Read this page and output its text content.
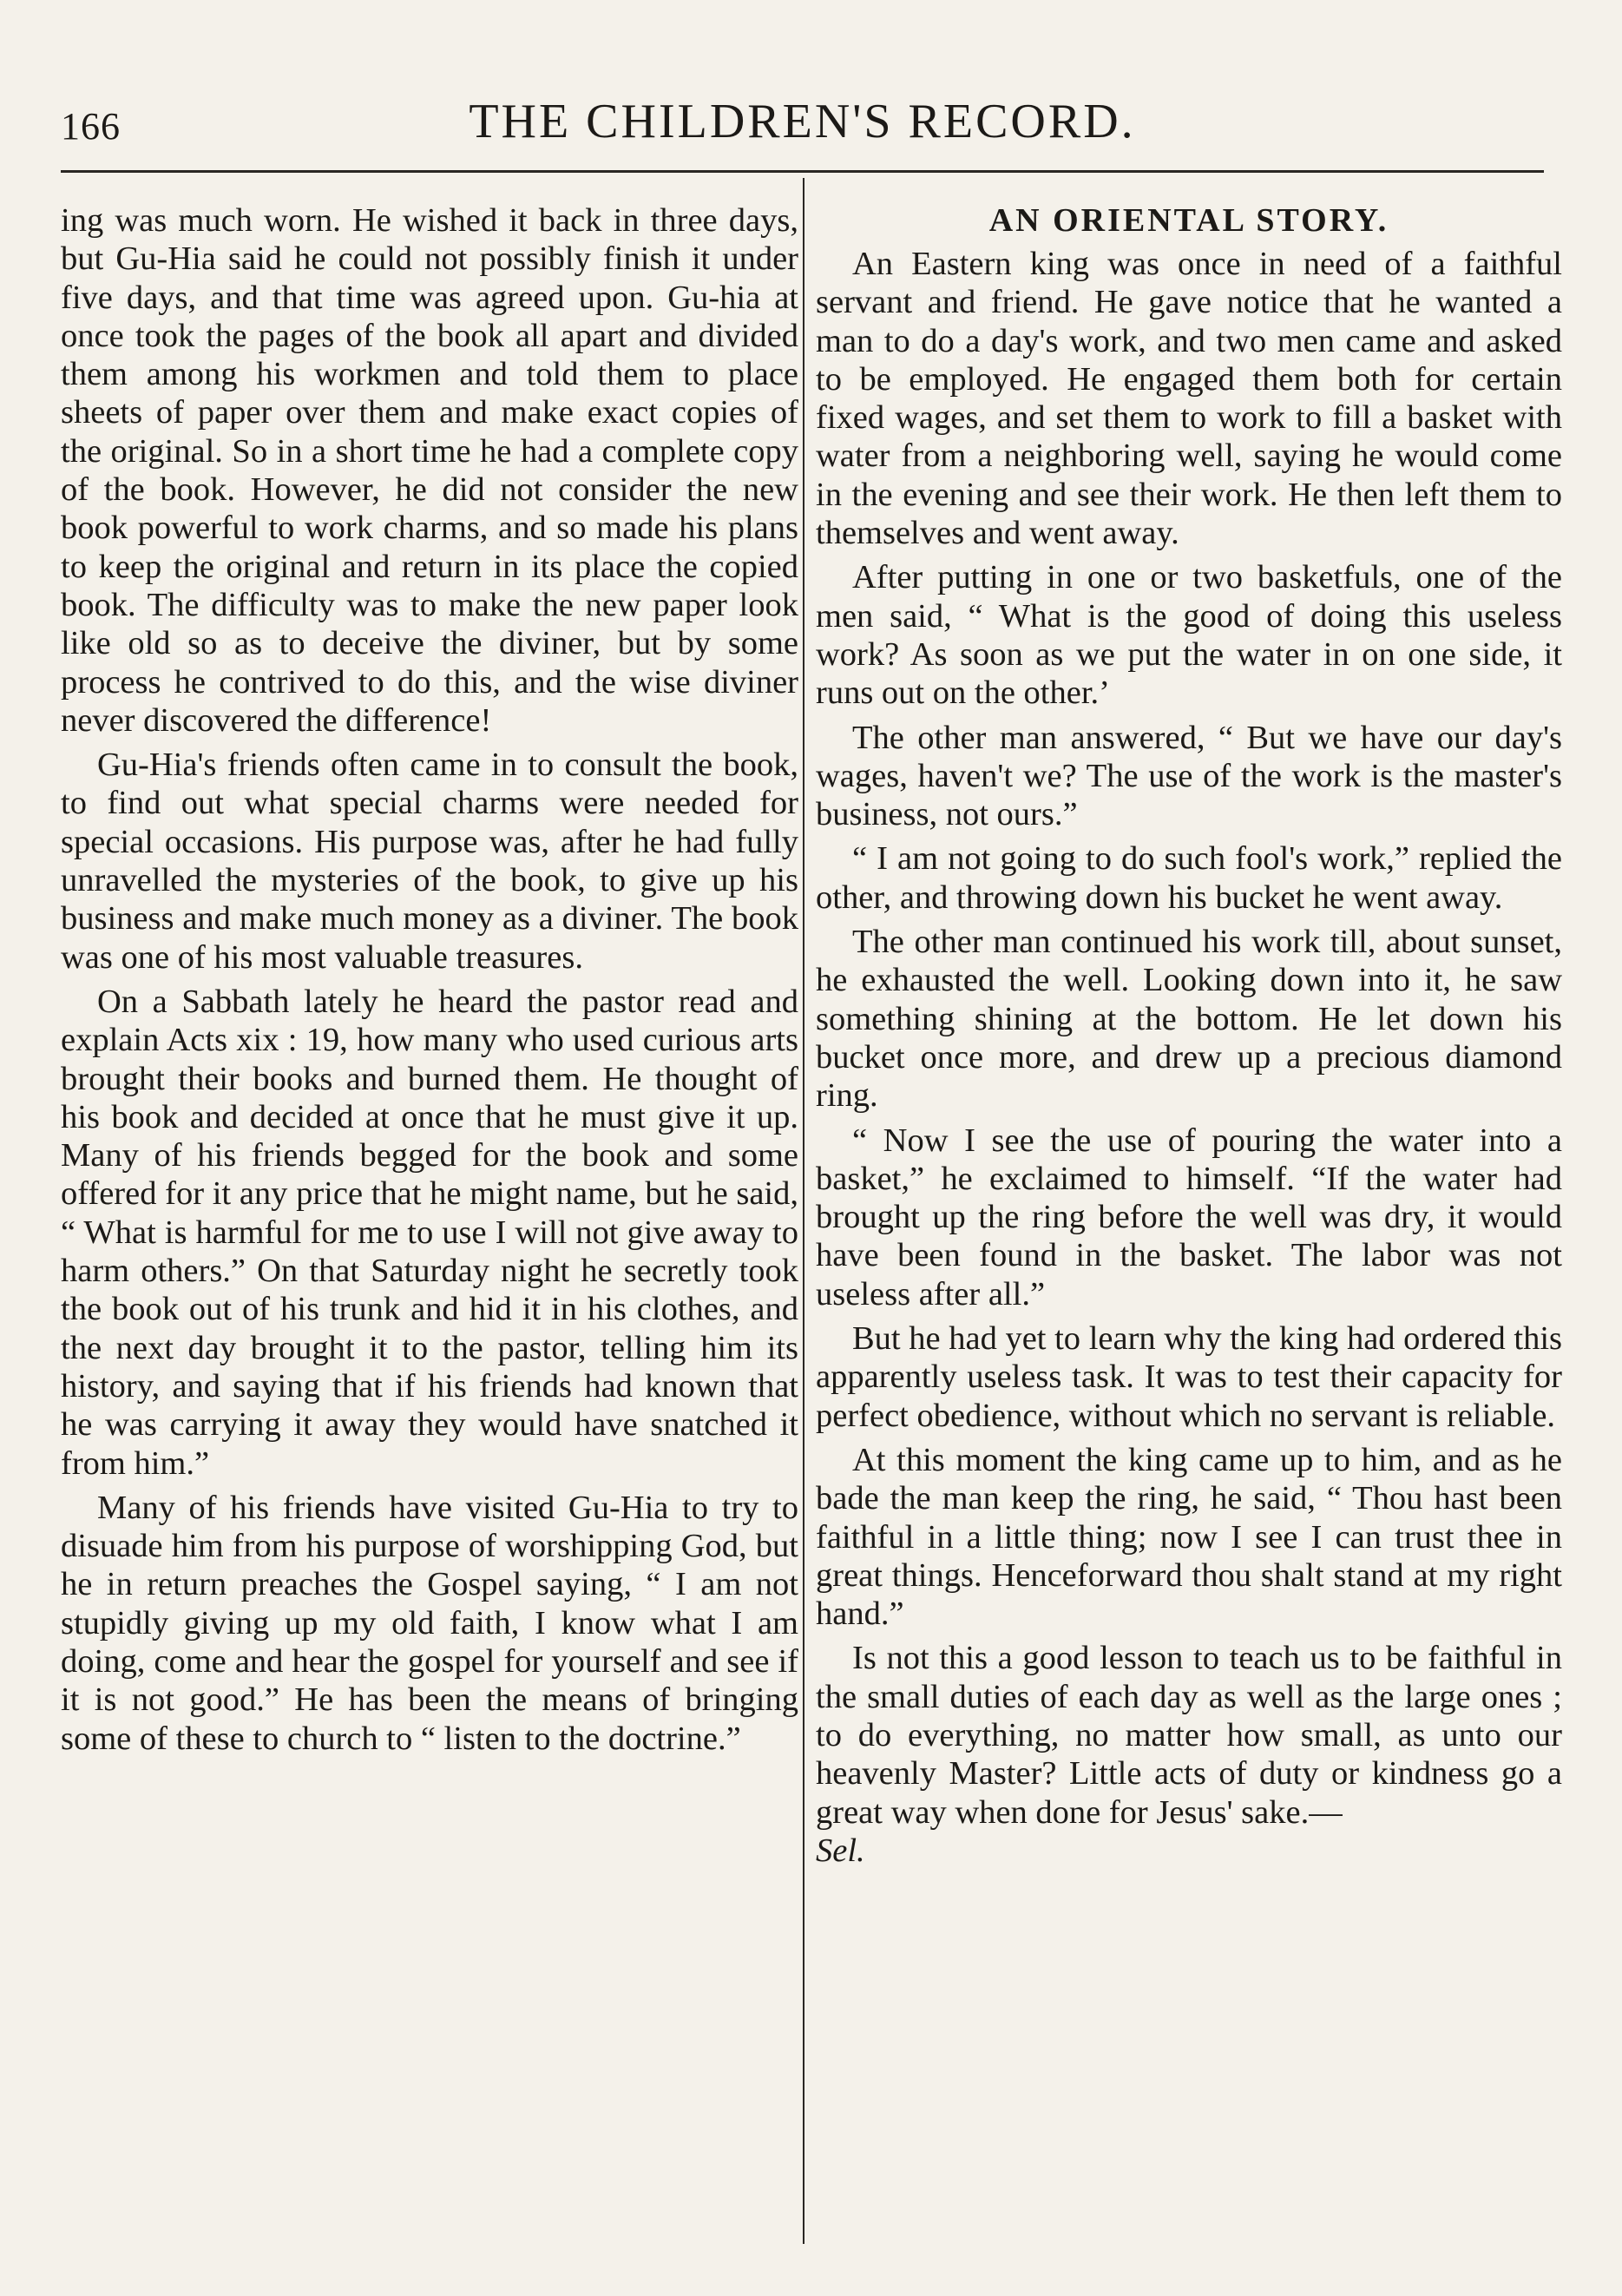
166	THE CHILDREN'S RECORD.

ing was much worn. He wished it back in three days, but Gu-Hia said he could not possibly finish it under five days, and that time was agreed upon. Gu-hia at once took the pages of the book all apart and divided them among his workmen and told them to place sheets of paper over them and make exact copies of the original. So in a short time he had a complete copy of the book. However, he did not consider the new book powerful to work charms, and so made his plans to keep the original and return in its place the copied book. The difficulty was to make the new paper look like old so as to deceive the diviner, but by some process he contrived to do this, and the wise diviner never discovered the difference!

Gu-Hia's friends often came in to consult the book, to find out what special charms were needed for special occasions. His purpose was, after he had fully unravelled the mysteries of the book, to give up his business and make much money as a diviner. The book was one of his most valuable treasures.

On a Sabbath lately he heard the pastor read and explain Acts xix : 19, how many who used curious arts brought their books and burned them. He thought of his book and decided at once that he must give it up. Many of his friends begged for the book and some offered for it any price that he might name, but he said, “ What is harmful for me to use I will not give away to harm others.” On that Saturday night he secretly took the book out of his trunk and hid it in his clothes, and the next day brought it to the pastor, telling him its history, and saying that if his friends had known that he was carrying it away they would have snatched it from him.”

Many of his friends have visited Gu-Hia to try to disuade him from his purpose of worshipping God, but he in return preaches the Gospel saying, “ I am not stupidly giving up my old faith, I know what I am doing, come and hear the gospel for yourself and see if it is not good.” He has been the means of bringing some of these to church to “ listen to the doctrine.”

AN ORIENTAL STORY.

An Eastern king was once in need of a faithful servant and friend. He gave notice that he wanted a man to do a day's work, and two men came and asked to be employed. He engaged them both for certain fixed wages, and set them to work to fill a basket with water from a neighboring well, saying he would come in the evening and see their work. He then left them to themselves and went away.

After putting in one or two basketfuls, one of the men said, “ What is the good of doing this useless work? As soon as we put the water in on one side, it runs out on the other.’

The other man answered, “ But we have our day's wages, haven't we? The use of the work is the master's business, not ours.”

“ I am not going to do such fool's work,” replied the other, and throwing down his bucket he went away.

The other man continued his work till, about sunset, he exhausted the well. Looking down into it, he saw something shining at the bottom. He let down his bucket once more, and drew up a precious diamond ring.

“ Now I see the use of pouring the water into a basket,” he exclaimed to himself. “If the water had brought up the ring before the well was dry, it would have been found in the basket. The labor was not useless after all.”

But he had yet to learn why the king had ordered this apparently useless task. It was to test their capacity for perfect obedience, without which no servant is reliable.

At this moment the king came up to him, and as he bade the man keep the ring, he said, “ Thou hast been faithful in a little thing; now I see I can trust thee in great things. Henceforward thou shalt stand at my right hand.”

Is not this a good lesson to teach us to be faithful in the small duties of each day as well as the large ones ; to do everything, no matter how small, as unto our heavenly Master? Little acts of duty or kindness go a great way when done for Jesus' sake.—
Sel.
